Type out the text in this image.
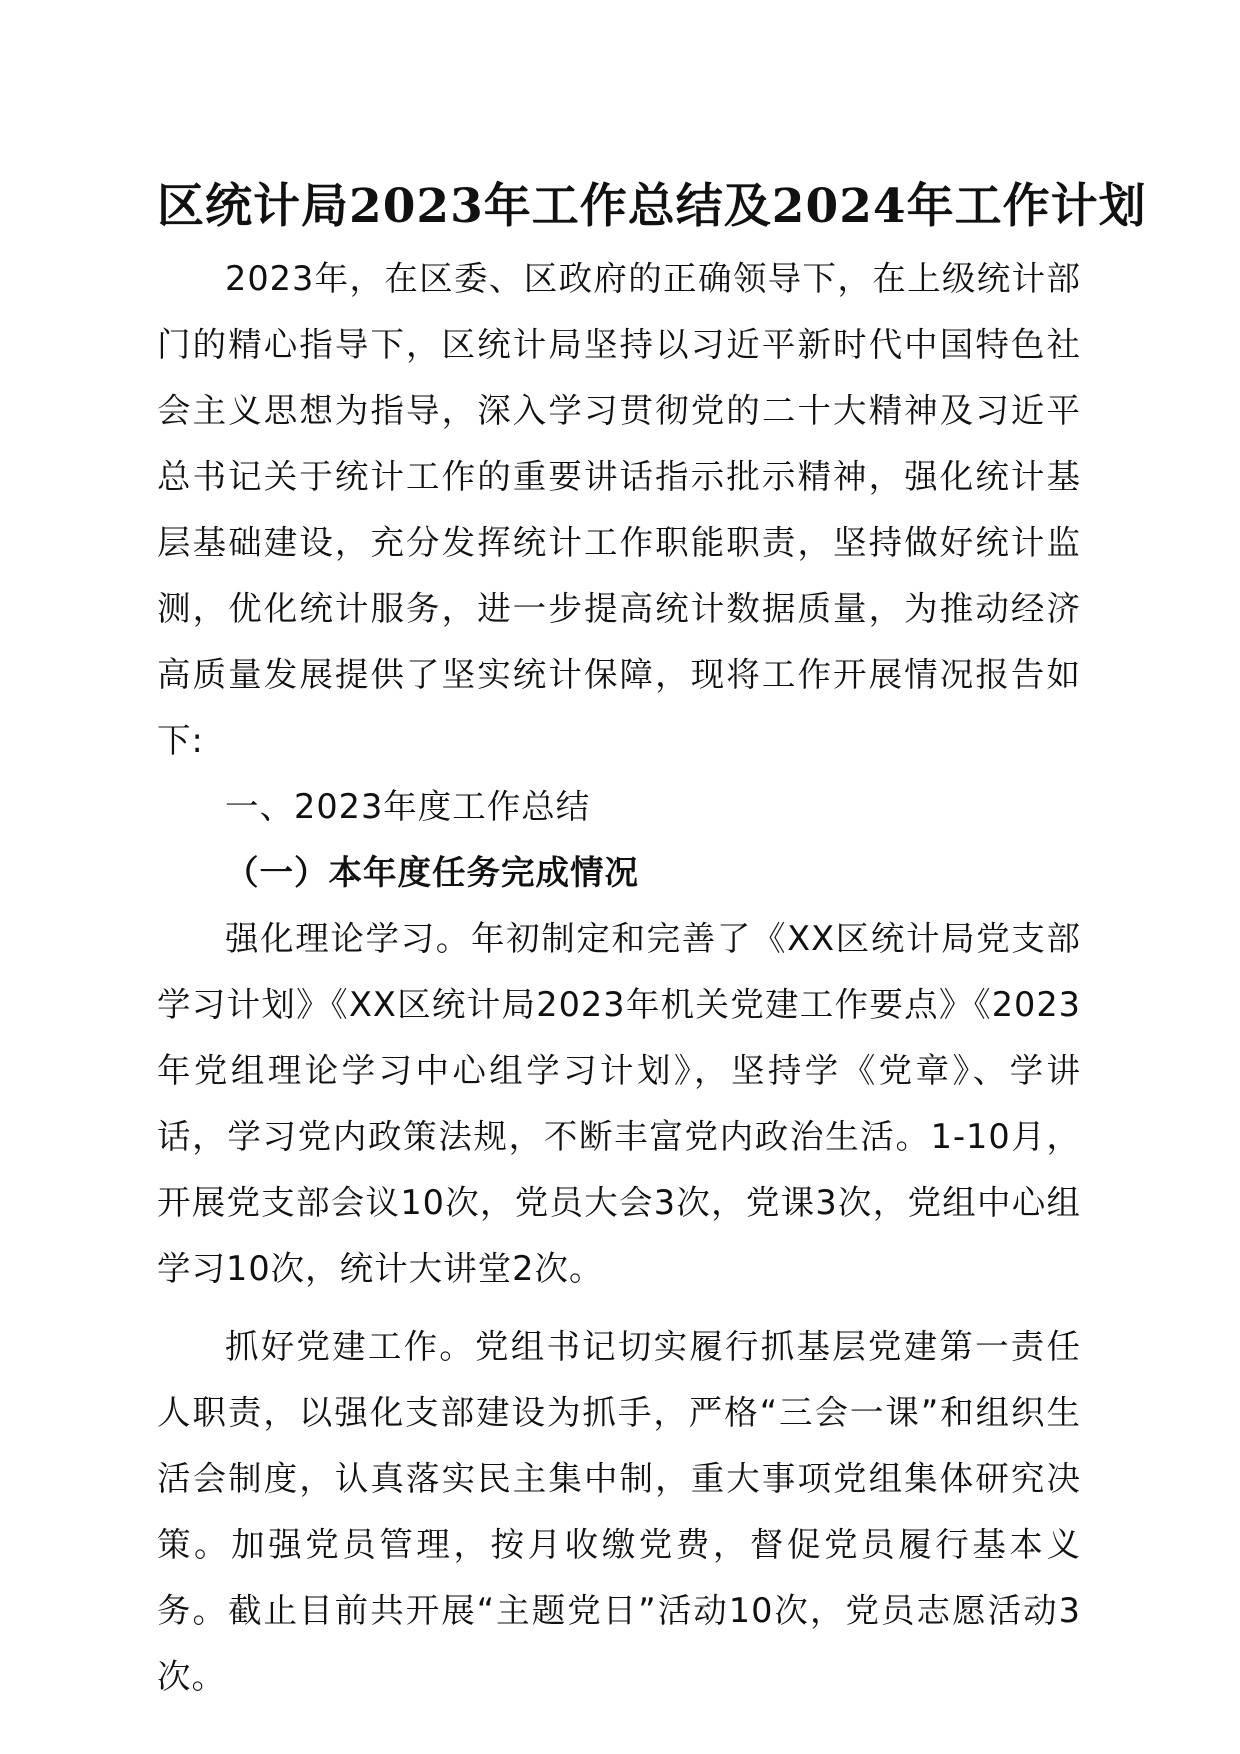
区统计局2023年工作总结及2024年工作计划

2023年，在区委、区政府的正确领导下，在上级统计部门的精心指导下，区统计局坚持以习近平新时代中国特色社会主义思想为指导，深入学习贯彻党的二十大精神及习近平总书记关于统计工作的重要讲话指示批示精神，强化统计基层基础建设，充分发挥统计工作职能职责，坚持做好统计监测，优化统计服务，进一步提高统计数据质量，为推动经济高质量发展提供了坚实统计保障，现将工作开展情况报告如下:

一、2023年度工作总结

（一）本年度任务完成情况

强化理论学习。年初制定和完善了《XX区统计局党支部学习计划》《XX区统计局2023年机关党建工作要点》《2023年党组理论学习中心组学习计划》，坚持学《党章》、学讲话，学习党内政策法规，不断丰富党内政治生活。1-10月，开展党支部会议10次，党员大会3次，党课3次，党组中心组学习10次，统计大讲堂2次。

抓好党建工作。党组书记切实履行抓基层党建第一责任人职责，以强化支部建设为抓手，严格“三会一课”和组织生活会制度，认真落实民主集中制，重大事项党组集体研究决策。加强党员管理，按月收缴党费，督促党员履行基本义务。截止目前共开展“主题党日”活动10次，党员志愿活动3次。
